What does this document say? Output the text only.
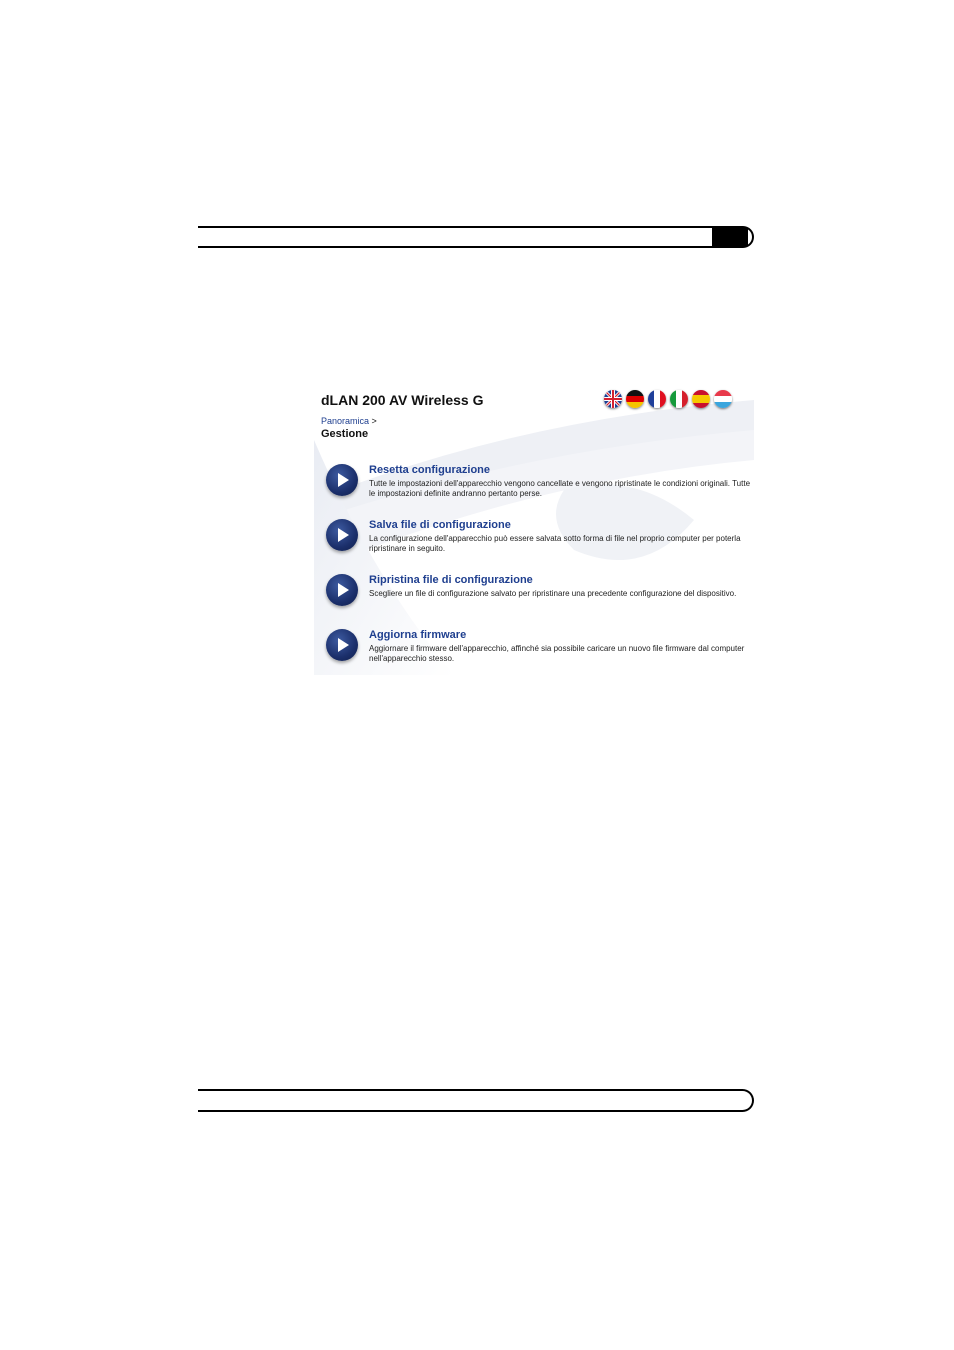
dLAN 200 AV Wireless G
Panoramica >
Gestione
Resetta configurazione
Tutte le impostazioni dell'apparecchio vengono cancellate e vengono ripristinate le condizioni originali. Tutte le impostazioni definite andranno pertanto perse.
Salva file di configurazione
La configurazione dell'apparecchio può essere salvata sotto forma di file nel proprio computer per poterla ripristinare in seguito.
Ripristina file di configurazione
Scegliere un file di configurazione salvato per ripristinare una precedente configurazione del dispositivo.
Aggiorna firmware
Aggiornare il firmware dell'apparecchio, affinché sia possibile caricare un nuovo file firmware dal computer nell'apparecchio stesso.
